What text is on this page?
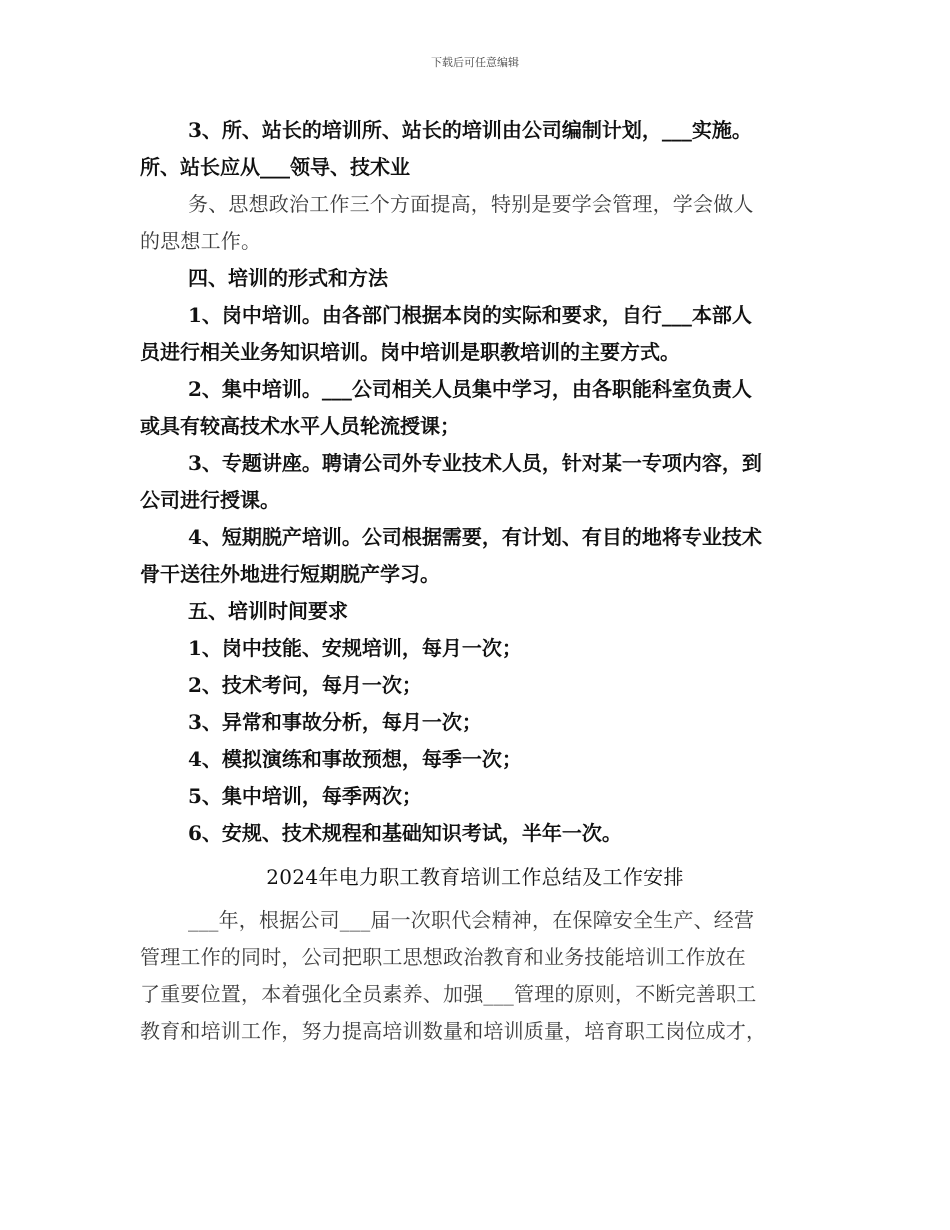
下载后可任意编辑
3、所、站长的培训所、站长的培训由公司编制计划，___实施。
所、站长应从___领导、技术业
务、思想政治工作三个方面提高，特别是要学会管理，学会做人
的思想工作。
四、培训的形式和方法
1、岗中培训。由各部门根据本岗的实际和要求，自行___本部人
员进行相关业务知识培训。岗中培训是职教培训的主要方式。
2、集中培训。___公司相关人员集中学习，由各职能科室负责人
或具有较高技术水平人员轮流授课；
3、专题讲座。聘请公司外专业技术人员，针对某一专项内容，到
公司进行授课。
4、短期脱产培训。公司根据需要，有计划、有目的地将专业技术
骨干送往外地进行短期脱产学习。
五、培训时间要求
1、岗中技能、安规培训，每月一次；
2、技术考问，每月一次；
3、异常和事故分析，每月一次；
4、模拟演练和事故预想，每季一次；
5、集中培训，每季两次；
6、安规、技术规程和基础知识考试，半年一次。
2024年电力职工教育培训工作总结及工作安排
___年，根据公司___届一次职代会精神，在保障安全生产、经营
管理工作的同时，公司把职工思想政治教育和业务技能培训工作放在
了重要位置，本着强化全员素养、加强___管理的原则，不断完善职工
教育和培训工作，努力提高培训数量和培训质量，培育职工岗位成才，
